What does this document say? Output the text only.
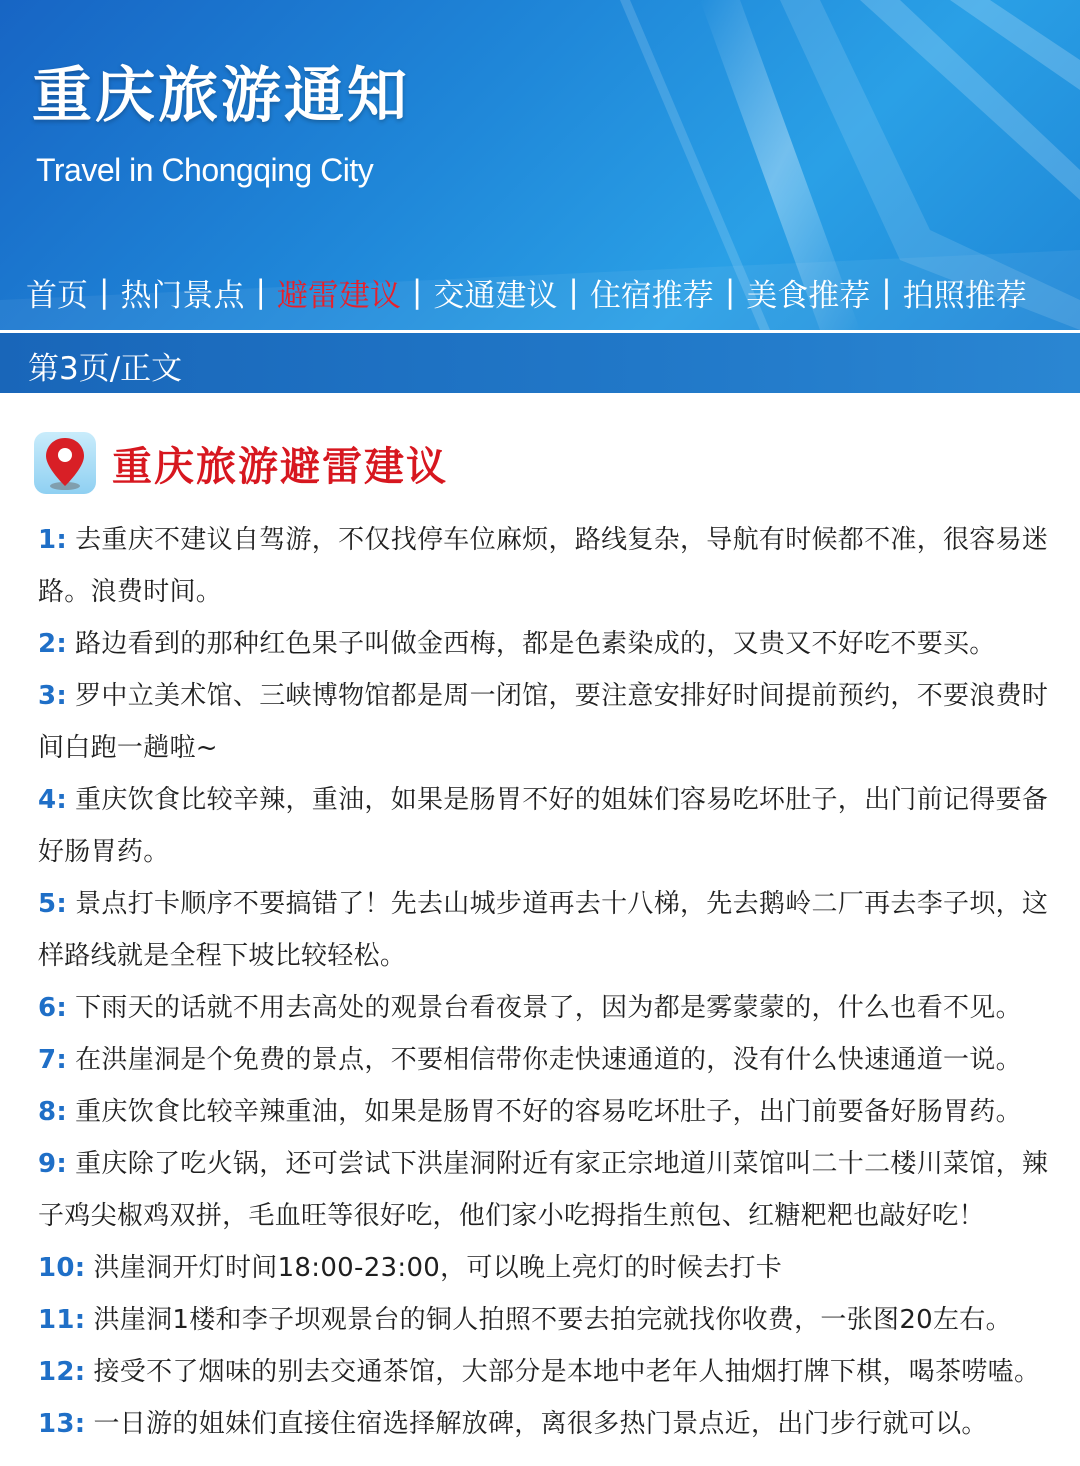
重庆旅游通知
Travel in Chongqing City
首页 | 热门景点 | 避雷建议 | 交通建议 | 住宿推荐 | 美食推荐 | 拍照推荐
第3页/正文
重庆旅游避雷建议

1: 去重庆不建议自驾游，不仅找停车位麻烦，路线复杂，导航有时候都不准，很容易迷路。浪费时间。

2: 路边看到的那种红色果子叫做金西梅，都是色素染成的，又贵又不好吃不要买。

3: 罗中立美术馆、三峡博物馆都是周一闭馆，要注意安排好时间提前预约，不要浪费时间白跑一趟啦~

4: 重庆饮食比较辛辣，重油，如果是肠胃不好的姐妹们容易吃坏肚子，出门前记得要备好肠胃药。

5: 景点打卡顺序不要搞错了！先去山城步道再去十八梯，先去鹅岭二厂再去李子坝，这样路线就是全程下坡比较轻松。

6: 下雨天的话就不用去高处的观景台看夜景了，因为都是雾蒙蒙的，什么也看不见。

7: 在洪崖洞是个免费的景点，不要相信带你走快速通道的，没有什么快速通道一说。

8: 重庆饮食比较辛辣重油，如果是肠胃不好的容易吃坏肚子，出门前要备好肠胃药。

9: 重庆除了吃火锅，还可尝试下洪崖洞附近有家正宗地道川菜馆叫二十二楼川菜馆，辣子鸡尖椒鸡双拼，毛血旺等很好吃，他们家小吃拇指生煎包、红糖粑粑也敲好吃！

10: 洪崖洞开灯时间18:00-23:00，可以晚上亮灯的时候去打卡

11: 洪崖洞1楼和李子坝观景台的铜人拍照不要去拍完就找你收费，一张图20左右。

12: 接受不了烟味的别去交通茶馆，大部分是本地中老年人抽烟打牌下棋，喝茶唠嗑。

13: 一日游的姐妹们直接住宿选择解放碑，离很多热门景点近，出门步行就可以。
